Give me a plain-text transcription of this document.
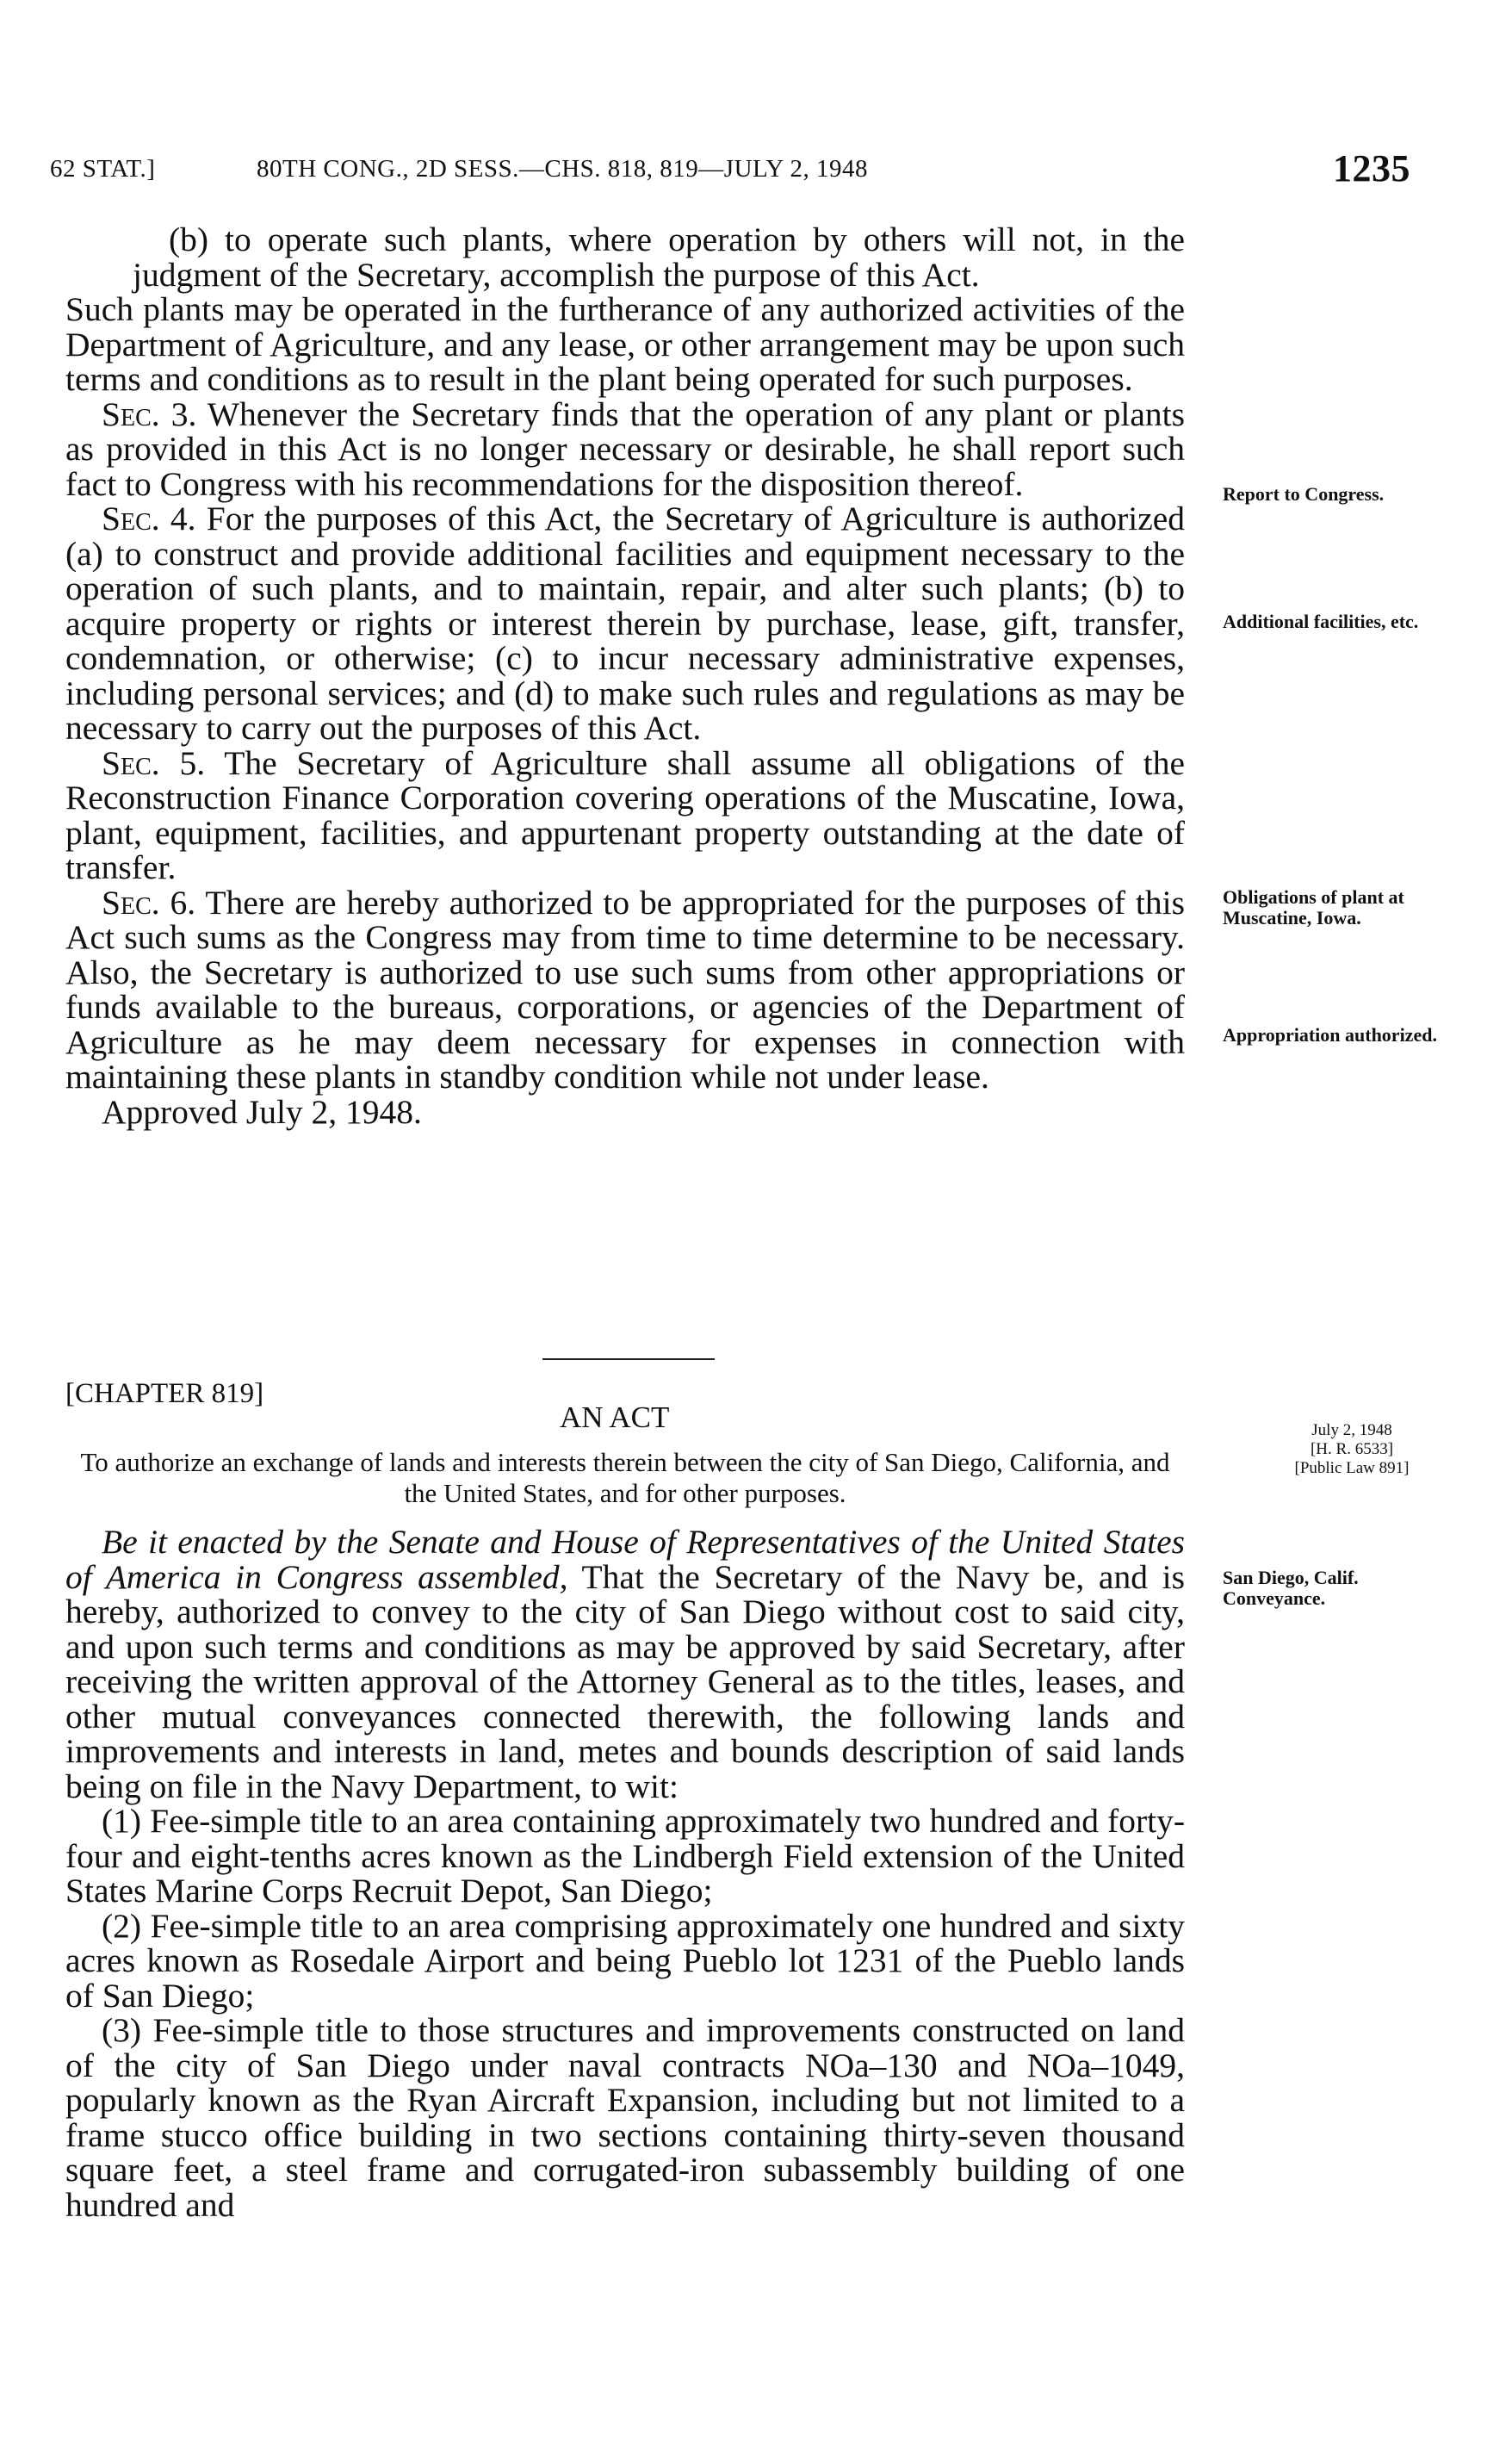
62 STAT.]	80TH CONG., 2D SESS.—CHS. 818, 819—JULY 2, 1948	1235

(b) to operate such plants, where operation by others will not, in the judgment of the Secretary, accomplish the purpose of this Act.

Such plants may be operated in the furtherance of any authorized activities of the Department of Agriculture, and any lease, or other arrangement may be upon such terms and conditions as to result in the plant being operated for such purposes.

Sec. 3. Whenever the Secretary finds that the operation of any plant or plants as provided in this Act is no longer necessary or desirable, he shall report such fact to Congress with his recommendations for the disposition thereof.

Sec. 4. For the purposes of this Act, the Secretary of Agriculture is authorized (a) to construct and provide additional facilities and equipment necessary to the operation of such plants, and to maintain, repair, and alter such plants; (b) to acquire property or rights or interest therein by purchase, lease, gift, transfer, condemnation, or otherwise; (c) to incur necessary administrative expenses, including personal services; and (d) to make such rules and regulations as may be necessary to carry out the purposes of this Act.

Sec. 5. The Secretary of Agriculture shall assume all obligations of the Reconstruction Finance Corporation covering operations of the Muscatine, Iowa, plant, equipment, facilities, and appurtenant property outstanding at the date of transfer.

Sec. 6. There are hereby authorized to be appropriated for the purposes of this Act such sums as the Congress may from time to time determine to be necessary. Also, the Secretary is authorized to use such sums from other appropriations or funds available to the bureaus, corporations, or agencies of the Department of Agriculture as he may deem necessary for expenses in connection with maintaining these plants in standby condition while not under lease.

Approved July 2, 1948.

Report to Congress.
Additional facilities, etc.
Obligations of plant at Muscatine, Iowa.
Appropriation authorized.
[CHAPTER 819]
AN ACT
To authorize an exchange of lands and interests therein between the city of San Diego, California, and the United States, and for other purposes.
July 2, 1948
[H. R. 6533]
[Public Law 891]
San Diego, Calif. Conveyance.

Be it enacted by the Senate and House of Representatives of the United States of America in Congress assembled, That the Secretary of the Navy be, and is hereby, authorized to convey to the city of San Diego without cost to said city, and upon such terms and conditions as may be approved by said Secretary, after receiving the written approval of the Attorney General as to the titles, leases, and other mutual conveyances connected therewith, the following lands and improvements and interests in land, metes and bounds description of said lands being on file in the Navy Department, to wit:

(1) Fee-simple title to an area containing approximately two hundred and forty-four and eight-tenths acres known as the Lindbergh Field extension of the United States Marine Corps Recruit Depot, San Diego;

(2) Fee-simple title to an area comprising approximately one hundred and sixty acres known as Rosedale Airport and being Pueblo lot 1231 of the Pueblo lands of San Diego;

(3) Fee-simple title to those structures and improvements constructed on land of the city of San Diego under naval contracts NOa–130 and NOa–1049, popularly known as the Ryan Aircraft Expansion, including but not limited to a frame stucco office building in two sections containing thirty-seven thousand square feet, a steel frame and corrugated-iron subassembly building of one hundred and
